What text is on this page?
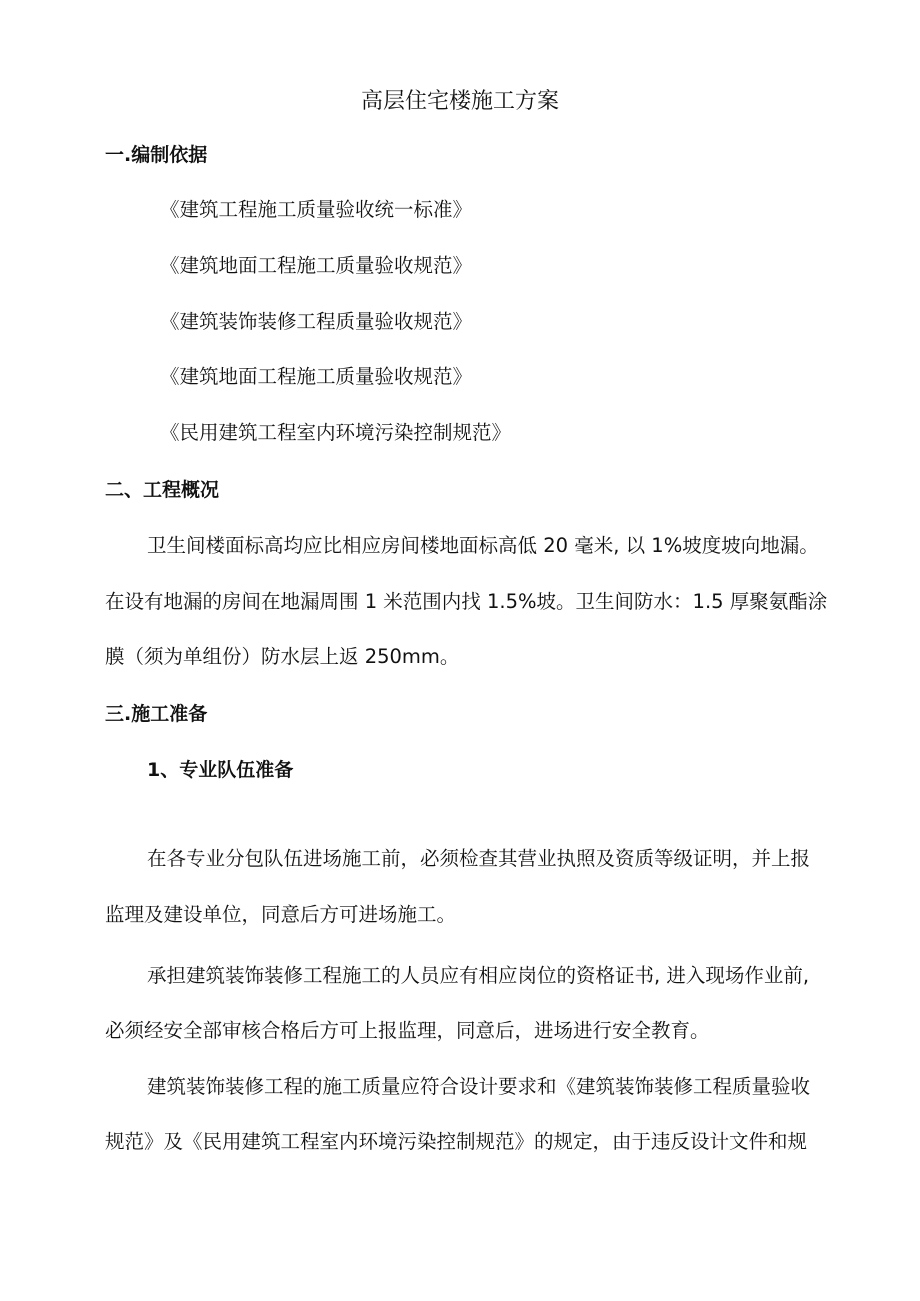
高层住宅楼施工方案
一.编制依据
《建筑工程施工质量验收统一标准》
《建筑地面工程施工质量验收规范》
《建筑装饰装修工程质量验收规范》
《建筑地面工程施工质量验收规范》
《民用建筑工程室内环境污染控制规范》
二、工程概况
卫生间楼面标高均应比相应房间楼地面标高低 20 毫米, 以 1%坡度坡向地漏。
在设有地漏的房间在地漏周围 1 米范围内找 1.5%坡。卫生间防水：1.5 厚聚氨酯涂
膜（须为单组份）防水层上返 250mm。
三.施工准备
1、专业队伍准备
在各专业分包队伍进场施工前，必须检查其营业执照及资质等级证明，并上报
监理及建设单位，同意后方可进场施工。
承担建筑装饰装修工程施工的人员应有相应岗位的资格证书, 进入现场作业前,
必须经安全部审核合格后方可上报监理，同意后，进场进行安全教育。
建筑装饰装修工程的施工质量应符合设计要求和《建筑装饰装修工程质量验收
规范》及《民用建筑工程室内环境污染控制规范》的规定，由于违反设计文件和规
